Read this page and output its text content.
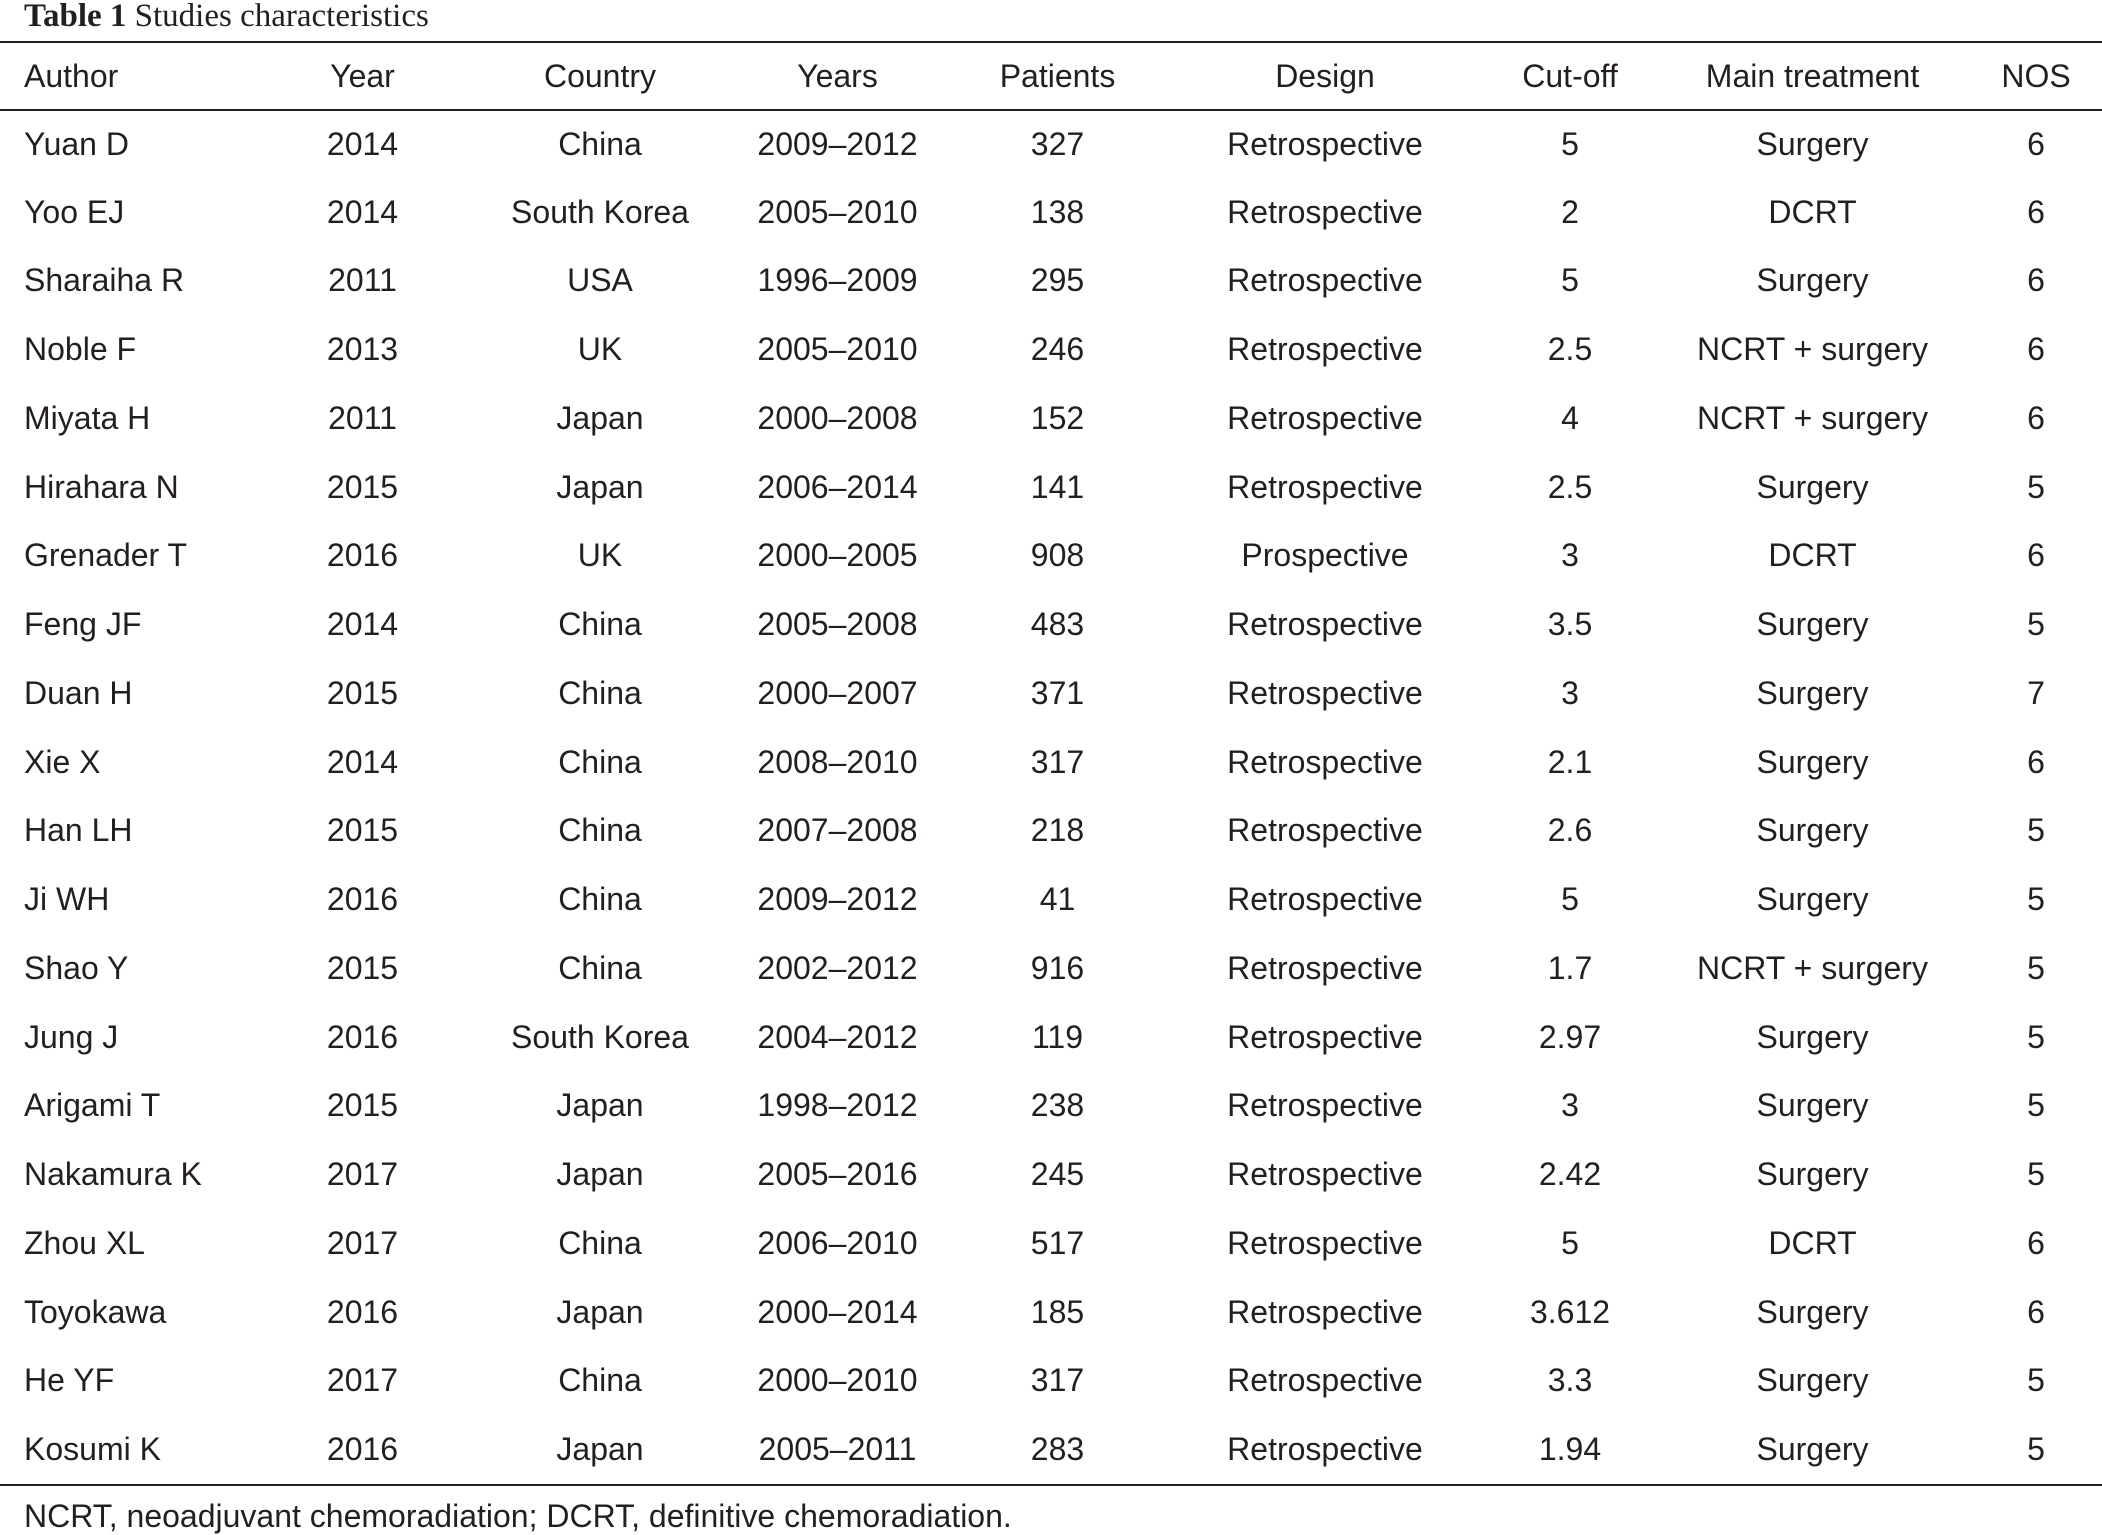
Table 1 Studies characteristics
Author	Year	Country	Years	Patients	Design	Cut-off	Main treatment	NOS
Yuan D	2014	China	2009–2012	327	Retrospective	5	Surgery	6
Yoo EJ	2014	South Korea	2005–2010	138	Retrospective	2	DCRT	6
Sharaiha R	2011	USA	1996–2009	295	Retrospective	5	Surgery	6
Noble F	2013	UK	2005–2010	246	Retrospective	2.5	NCRT + surgery	6
Miyata H	2011	Japan	2000–2008	152	Retrospective	4	NCRT + surgery	6
Hirahara N	2015	Japan	2006–2014	141	Retrospective	2.5	Surgery	5
Grenader T	2016	UK	2000–2005	908	Prospective	3	DCRT	6
Feng JF	2014	China	2005–2008	483	Retrospective	3.5	Surgery	5
Duan H	2015	China	2000–2007	371	Retrospective	3	Surgery	7
Xie X	2014	China	2008–2010	317	Retrospective	2.1	Surgery	6
Han LH	2015	China	2007–2008	218	Retrospective	2.6	Surgery	5
Ji WH	2016	China	2009–2012	41	Retrospective	5	Surgery	5
Shao Y	2015	China	2002–2012	916	Retrospective	1.7	NCRT + surgery	5
Jung J	2016	South Korea	2004–2012	119	Retrospective	2.97	Surgery	5
Arigami T	2015	Japan	1998–2012	238	Retrospective	3	Surgery	5
Nakamura K	2017	Japan	2005–2016	245	Retrospective	2.42	Surgery	5
Zhou XL	2017	China	2006–2010	517	Retrospective	5	DCRT	6
Toyokawa	2016	Japan	2000–2014	185	Retrospective	3.612	Surgery	6
He YF	2017	China	2000–2010	317	Retrospective	3.3	Surgery	5
Kosumi K	2016	Japan	2005–2011	283	Retrospective	1.94	Surgery	5
NCRT, neoadjuvant chemoradiation; DCRT, definitive chemoradiation.
